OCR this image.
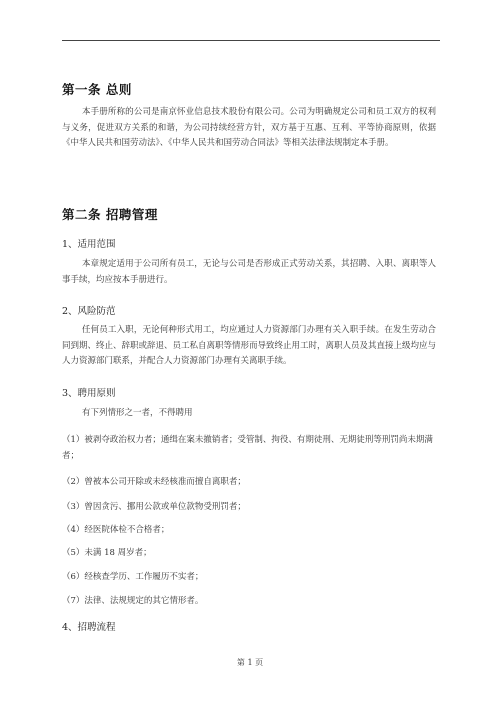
第一条 总则

本手册所称的公司是南京怀业信息技术股份有限公司。公司为明确规定公司和员工双方的权利与义务，促进双方关系的和谐，为公司持续经营方针，双方基于互惠、互利、平等协商原则，依据《中华人民共和国劳动法》、《中华人民共和国劳动合同法》等相关法律法规制定本手册。

第二条 招聘管理
1、适用范围

本章规定适用于公司所有员工，无论与公司是否形成正式劳动关系，其招聘、入职、离职等人事手续，均应按本手册进行。

2、风险防范

任何员工入职，无论何种形式用工，均应通过人力资源部门办理有关入职手续。在发生劳动合同到期、终止、辞职或辞退、员工私自离职等情形而导致终止用工时，离职人员及其直接上级均应与人力资源部门联系，并配合人力资源部门办理有关离职手续。

3、聘用原则

有下列情形之一者，不得聘用

（1）被剥夺政治权力者；通缉在案未撤销者；受管制、拘役、有期徒刑、无期徒刑等刑罚尚未期满者；

（2）曾被本公司开除或未经核准而擅自离职者；

（3）曾因贪污、挪用公款或单位款物受刑罚者；

（4）经医院体检不合格者；

（5）未满 18 周岁者；

（6）经核查学历、工作履历不实者；

（7）法律、法规规定的其它情形者。

4、招聘流程
第 1 页
